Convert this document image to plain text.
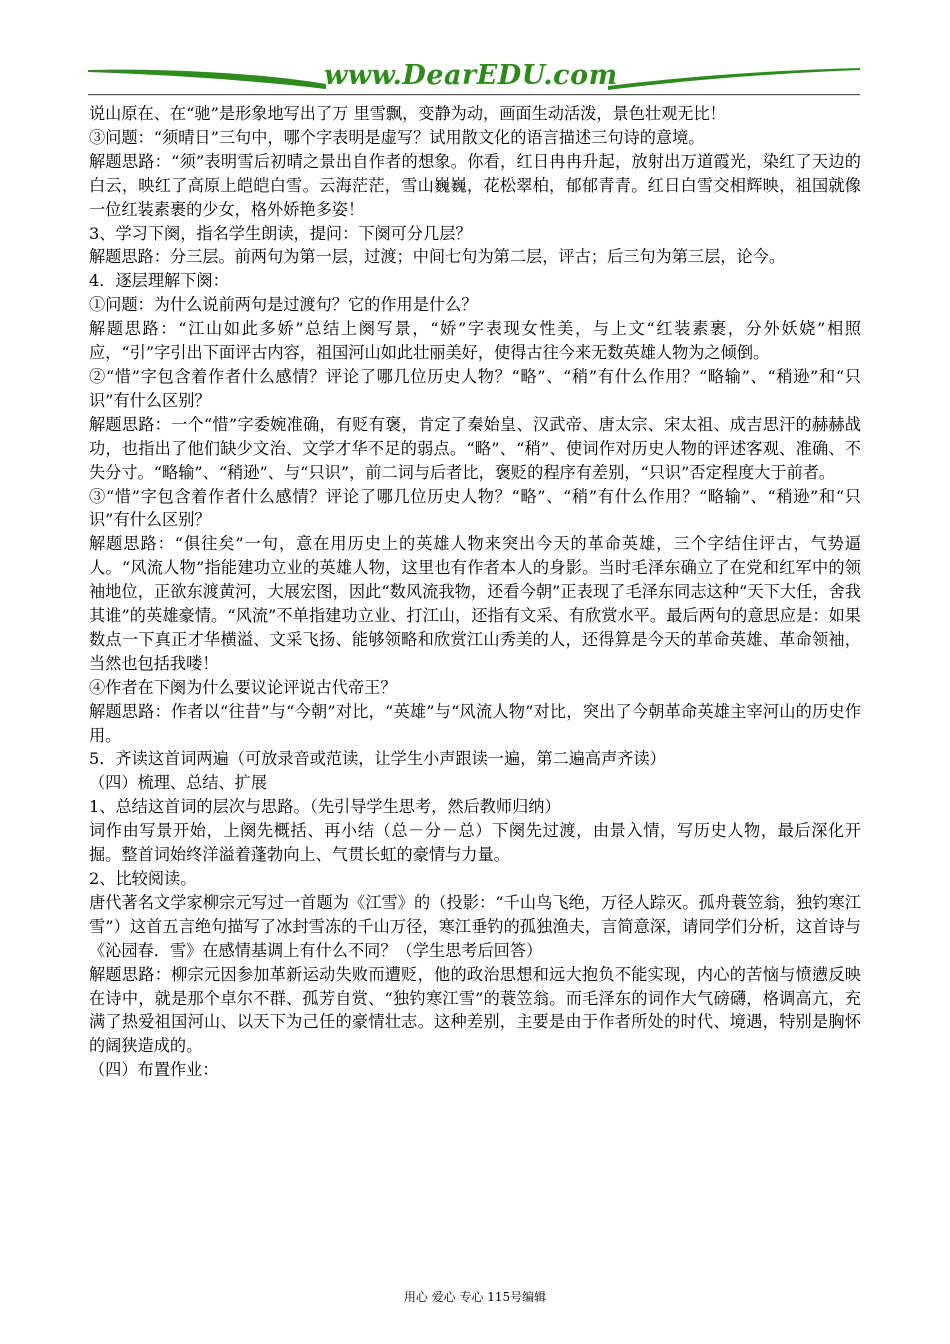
www.DearEDU.com

说山原在、在“驰”是形象地写出了万 里雪飘，变静为动，画面生动活泼，景色壮观无比！

③问题：“须晴日”三句中，哪个字表明是虚写？试用散文化的语言描述三句诗的意境。

解题思路：“须”表明雪后初晴之景出自作者的想象。你看，红日冉冉升起，放射出万道霞光，染红了天边的白云，映红了高原上皑皑白雪。云海茫茫，雪山巍巍，花松翠柏，郁郁青青。红日白雪交相辉映，祖国就像一位红装素裹的少女，格外娇艳多姿！

3、学习下阕，指名学生朗读，提问：下阕可分几层？

解题思路：分三层。前两句为第一层，过渡；中间七句为第二层，评古；后三句为第三层，论今。

4．逐层理解下阕：

①问题：为什么说前两句是过渡句？它的作用是什么？

解题思路：“江山如此多娇”总结上阕写景，“娇”字表现女性美，与上文“红装素裹，分外妖娆”相照应，“引”字引出下面评古内容，祖国河山如此壮丽美好，使得古往今来无数英雄人物为之倾倒。

②“惜”字包含着作者什么感情？评论了哪几位历史人物？“略”、“稍”有什么作用？“略输”、“稍逊”和“只识”有什么区别？

解题思路：一个“惜”字委婉准确，有贬有褒，肯定了秦始皇、汉武帝、唐太宗、宋太祖、成吉思汗的赫赫战功，也指出了他们缺少文治、文学才华不足的弱点。“略”、“稍”、使词作对历史人物的评述客观、准确、不失分寸。“略输”、“稍逊”、与“只识”，前二词与后者比，褒贬的程序有差别，“只识”否定程度大于前者。

③“惜”字包含着作者什么感情？评论了哪几位历史人物？“略”、“稍”有什么作用？“略输”、“稍逊”和“只识”有什么区别？

解题思路：“俱往矣”一句，意在用历史上的英雄人物来突出今天的革命英雄，三个字结住评古，气势逼人。“风流人物”指能建功立业的英雄人物，这里也有作者本人的身影。当时毛泽东确立了在党和红军中的领袖地位，正欲东渡黄河，大展宏图，因此“数风流我物，还看今朝”正表现了毛泽东同志这种“天下大任，舍我其谁”的英雄豪情。“风流”不单指建功立业、打江山，还指有文采、有欣赏水平。最后两句的意思应是：如果数点一下真正才华横溢、文采飞扬、能够领略和欣赏江山秀美的人，还得算是今天的革命英雄、革命领袖，当然也包括我喽！

④作者在下阕为什么要议论评说古代帝王？

解题思路：作者以“往昔”与“今朝”对比，“英雄”与“风流人物”对比，突出了今朝革命英雄主宰河山的历史作用。

5．齐读这首词两遍（可放录音或范读，让学生小声跟读一遍，第二遍高声齐读）

（四）梳理、总结、扩展

1、总结这首词的层次与思路。（先引导学生思考，然后教师归纳）

词作由写景开始，上阕先概括、再小结（总－分－总）下阕先过渡，由景入情，写历史人物，最后深化开掘。整首词始终洋溢着蓬勃向上、气贯长虹的豪情与力量。

2、比较阅读。

唐代著名文学家柳宗元写过一首题为《江雪》的（投影：“千山鸟飞绝，万径人踪灭。孤舟蓑笠翁，独钓寒江雪”）这首五言绝句描写了冰封雪冻的千山万径，寒江垂钓的孤独渔夫，言简意深，请同学们分析，这首诗与《沁园春．雪》在感情基调上有什么不同？（学生思考后回答）

解题思路：柳宗元因参加革新运动失败而遭贬，他的政治思想和远大抱负不能实现，内心的苦恼与愤懑反映在诗中，就是那个卓尔不群、孤芳自赏、“独钓寒江雪”的蓑笠翁。而毛泽东的词作大气磅礴，格调高亢，充满了热爱祖国河山、以天下为己任的豪情壮志。这种差别，主要是由于作者所处的时代、境遇，特别是胸怀的阔狭造成的。

（四）布置作业：

用心 爱心 专心 115号编辑
